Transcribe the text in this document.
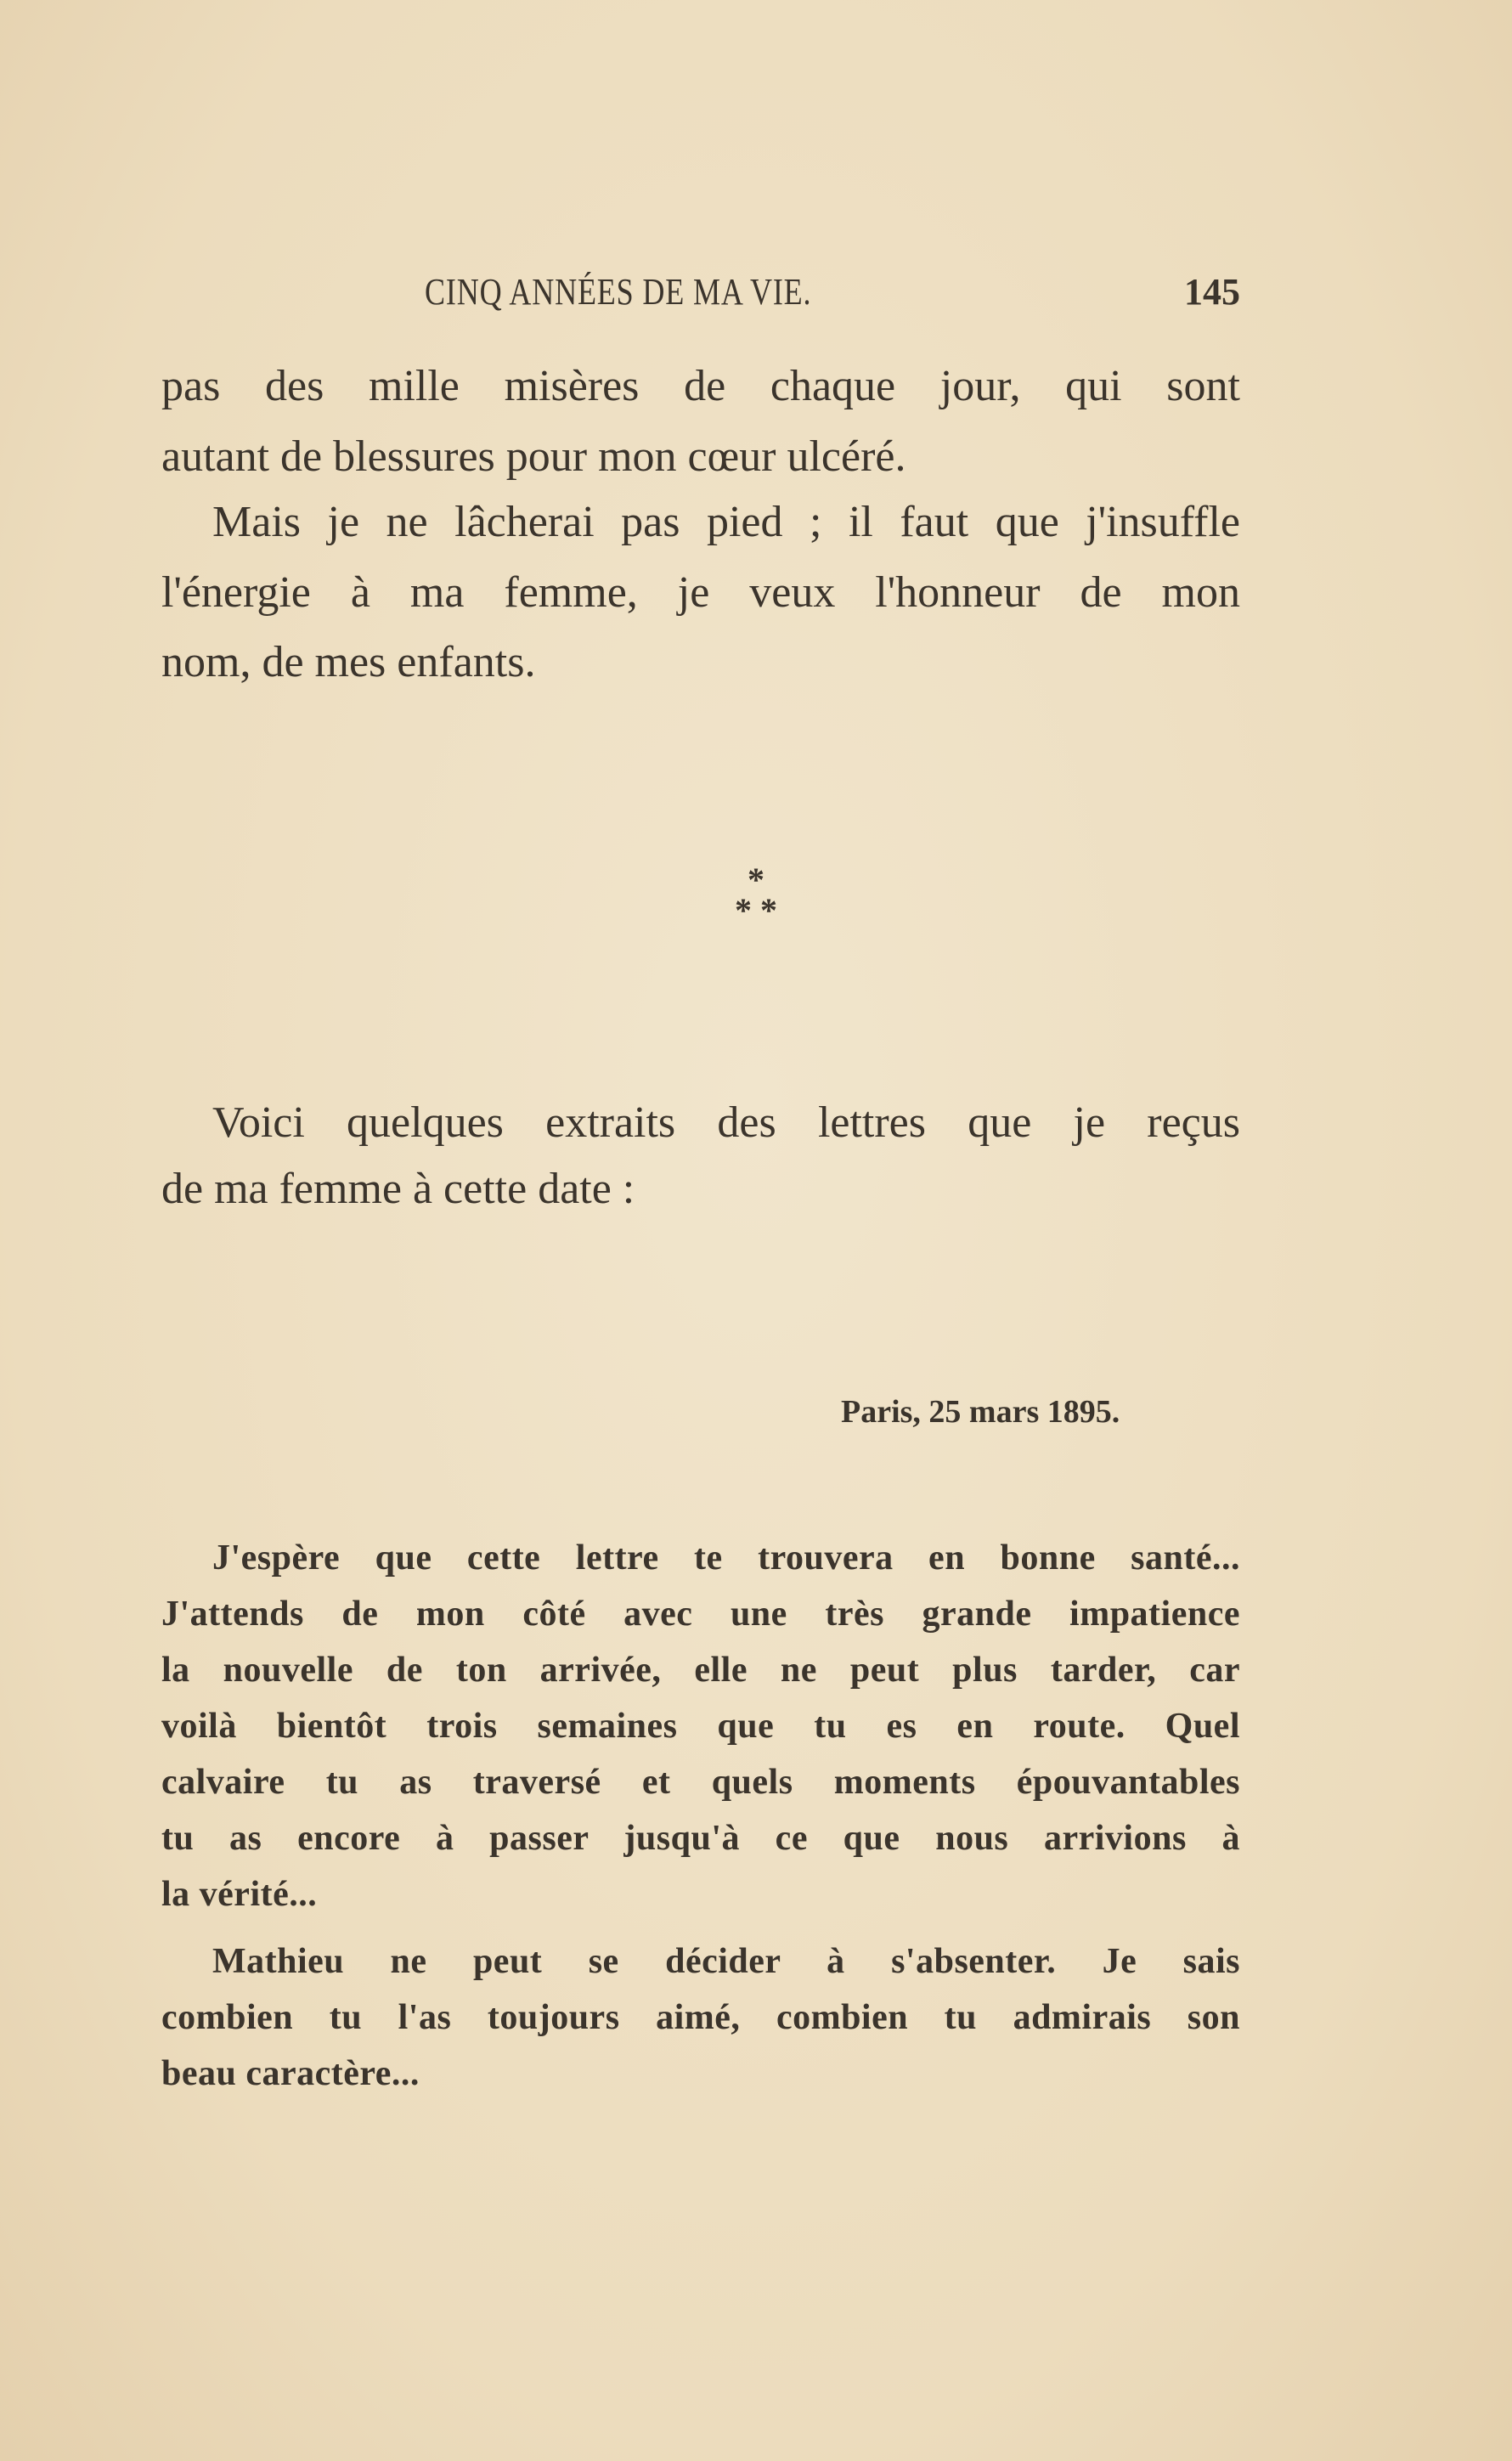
CINQ ANNÉES DE MA VIE.	145
pas des mille misères de chaque jour, qui sont
autant de blessures pour mon cœur ulcéré.
Mais je ne lâcherai pas pied ; il faut que j'insuffle
l'énergie à ma femme, je veux l'honneur de mon
nom, de mes enfants.
*
* *
Voici quelques extraits des lettres que je reçus
de ma femme à cette date :
Paris, 25 mars 1895.
J'espère que cette lettre te trouvera en bonne santé...
J'attends de mon côté avec une très grande impatience
la nouvelle de ton arrivée, elle ne peut plus tarder, car
voilà bientôt trois semaines que tu es en route. Quel
calvaire tu as traversé et quels moments épouvantables
tu as encore à passer jusqu'à ce que nous arrivions à
la vérité...
Mathieu ne peut se décider à s'absenter. Je sais
combien tu l'as toujours aimé, combien tu admirais son
beau caractère...
